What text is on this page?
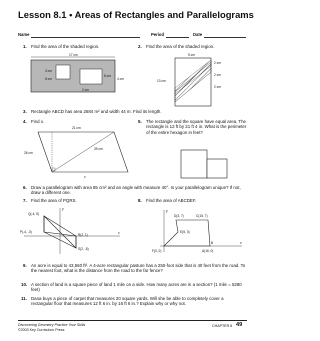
Lesson 8.1 • Areas of Rectangles and Parallelograms
Name	Period	Date
1. Find the area of the shaded region.
17 cm
3 cm
5 cm
8 cm
4 cm
2 cm
2. Find the area of the shaded region.
5 cm
13 cm
2 cm
2 cm
2 cm
3. Rectangle ABCD has area 2684 m² and width 44 m. Find its length.
4. Find x.
21 cm
26 cm
39 cm
x
5. The rectangle and the square have equal area. The rectangle is 12 ft by 21 ft 4 in. What is the perimeter of the entire hexagon in feet?
6. Draw a parallelogram with area 85 cm² and an angle with measure 40°. Is your parallelogram unique? If not, draw a different one.
7. Find the area of PQRS.
Q(-4, 5)
P(-4, -3)
R(2, 1)
S(2, -8)
x
y
8. Find the area of ABCDEF.
C(15, 7)
D(3, 7)
E(5, 3)
F(0, 0)	A(16, 0)
B	x
y
9. An acre is equal to 43,560 ft². A 4-acre rectangular pasture has a 250-foot side that is 40 feet from the road. To the nearest foot, what is the distance from the road to the far fence?
10. A section of land is a square piece of land 1 mile on a side. How many acres are in a section? (1 mile = 5280 feet)
11. Dana buys a piece of carpet that measures 20 square yards. Will she be able to completely cover a rectangular floor that measures 12 ft 6 in. by 16 ft 6 in.? Explain why or why not.
Discovering Geometry Practice Your Skills
©2003 Key Curriculum Press
CHAPTER 8 49
